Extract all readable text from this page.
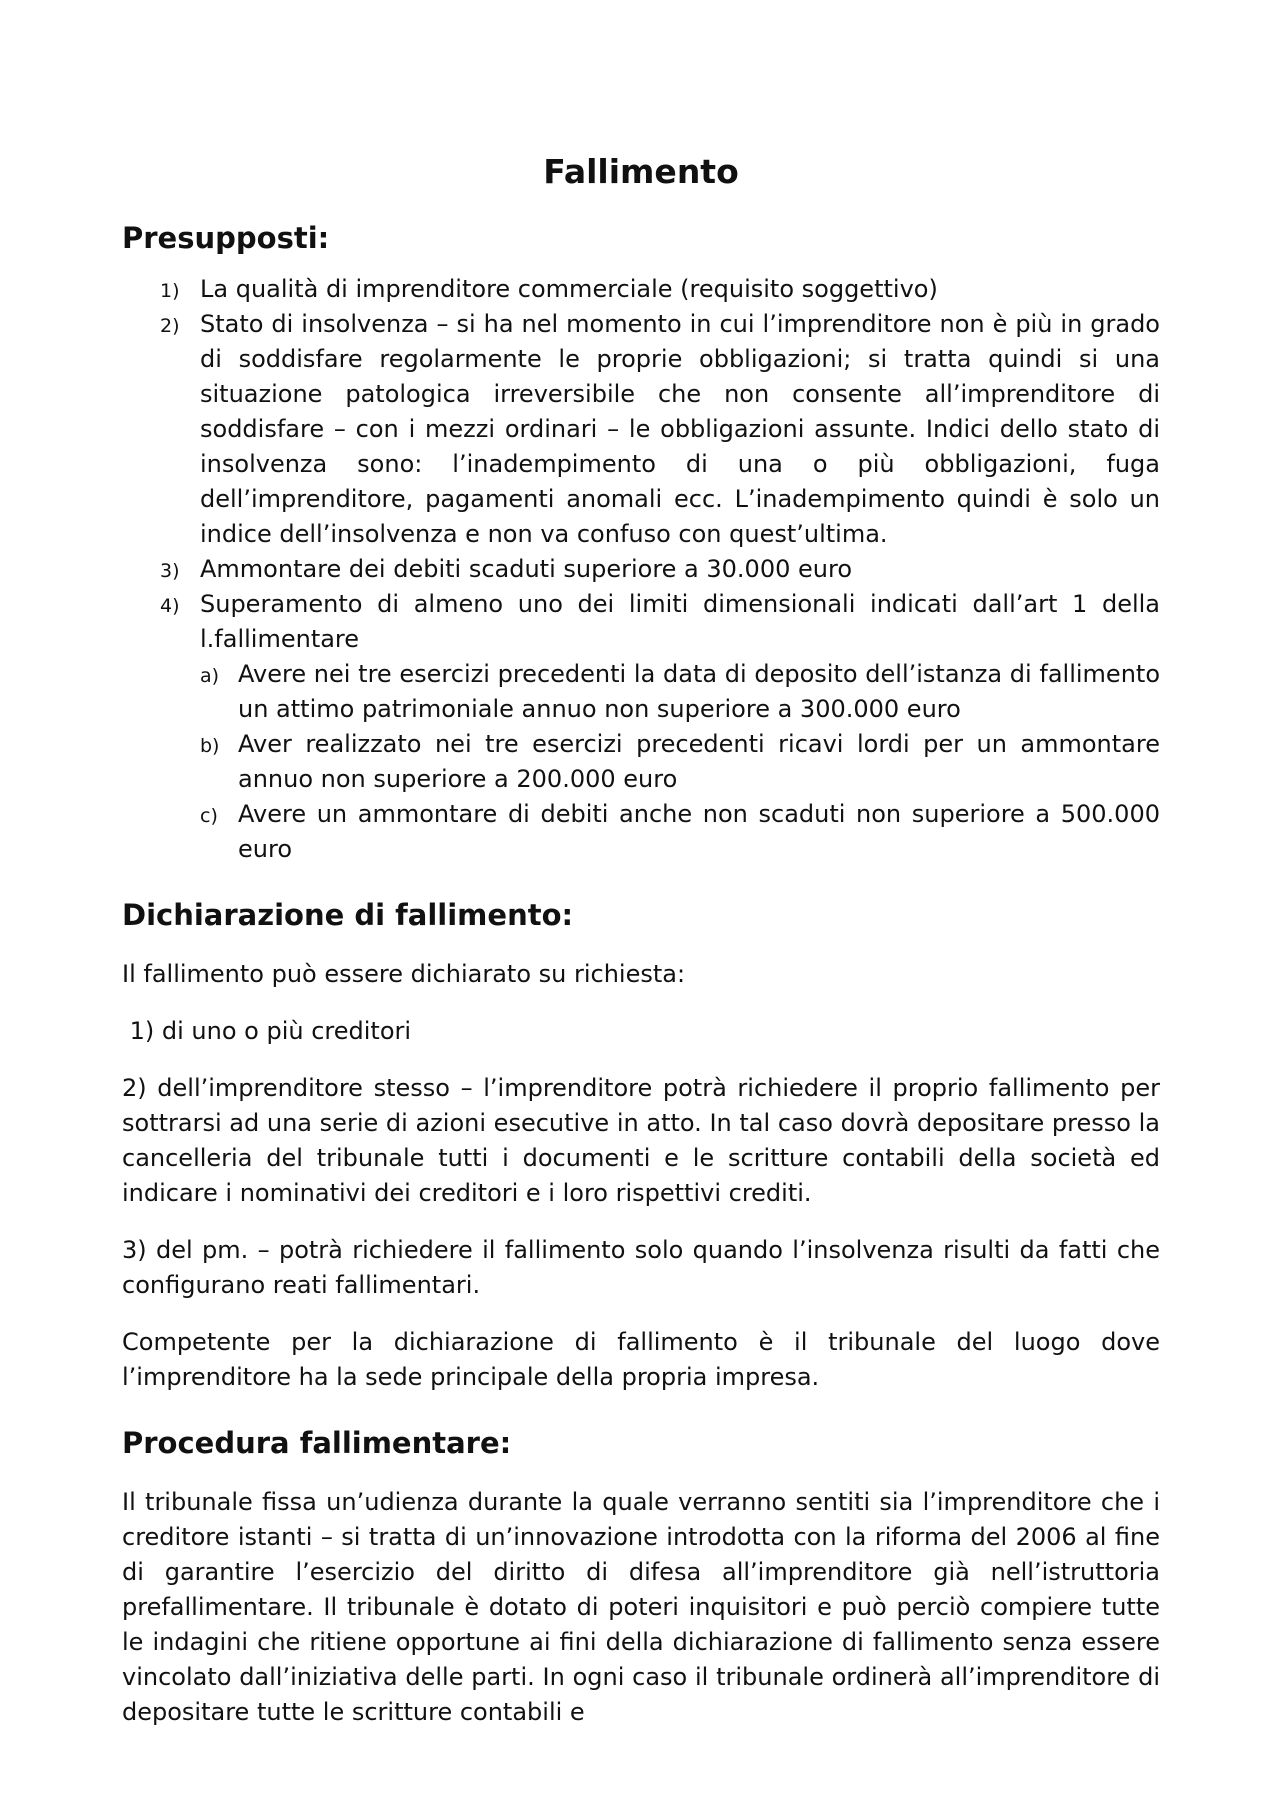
Fallimento
Presupposti:
1) La qualità di imprenditore commerciale (requisito soggettivo)
2) Stato di insolvenza – si ha nel momento in cui l’imprenditore non è più in grado di soddisfare regolarmente le proprie obbligazioni; si tratta quindi si una situazione patologica irreversibile che non consente all’imprenditore di soddisfare – con i mezzi ordinari – le obbligazioni assunte. Indici dello stato di insolvenza sono: l’inadempimento di una o più obbligazioni, fuga dell’imprenditore, pagamenti anomali ecc. L’inadempimento quindi è solo un indice dell’insolvenza e non va confuso con quest’ultima.
3) Ammontare dei debiti scaduti superiore a 30.000 euro
4) Superamento di almeno uno dei limiti dimensionali indicati dall’art 1 della l.fallimentare
a) Avere nei tre esercizi precedenti la data di deposito dell’istanza di fallimento un attimo patrimoniale annuo non superiore a 300.000 euro
b) Aver realizzato nei tre esercizi precedenti ricavi lordi per un ammontare annuo non superiore a 200.000 euro
c) Avere un ammontare di debiti anche non scaduti non superiore a 500.000 euro
Dichiarazione di fallimento:

Il fallimento può essere dichiarato su richiesta:

1) di uno o più creditori

2) dell’imprenditore stesso – l’imprenditore potrà richiedere il proprio fallimento per sottrarsi ad una serie di azioni esecutive in atto. In tal caso dovrà depositare presso la cancelleria del tribunale tutti i documenti e le scritture contabili della società ed indicare i nominativi dei creditori e i loro rispettivi crediti.

3) del pm. – potrà richiedere il fallimento solo quando l’insolvenza risulti da fatti che configurano reati fallimentari.

Competente per la dichiarazione di fallimento è il tribunale del luogo dove l’imprenditore ha la sede principale della propria impresa.

Procedura fallimentare:

Il tribunale fissa un’udienza durante la quale verranno sentiti sia l’imprenditore che i creditore istanti – si tratta di un’innovazione introdotta con la riforma del 2006 al fine di garantire l’esercizio del diritto di difesa all’imprenditore già nell’istruttoria prefallimentare. Il tribunale è dotato di poteri inquisitori e può perciò compiere tutte le indagini che ritiene opportune ai fini della dichiarazione di fallimento senza essere vincolato dall’iniziativa delle parti. In ogni caso il tribunale ordinerà all’imprenditore di depositare tutte le scritture contabili e
